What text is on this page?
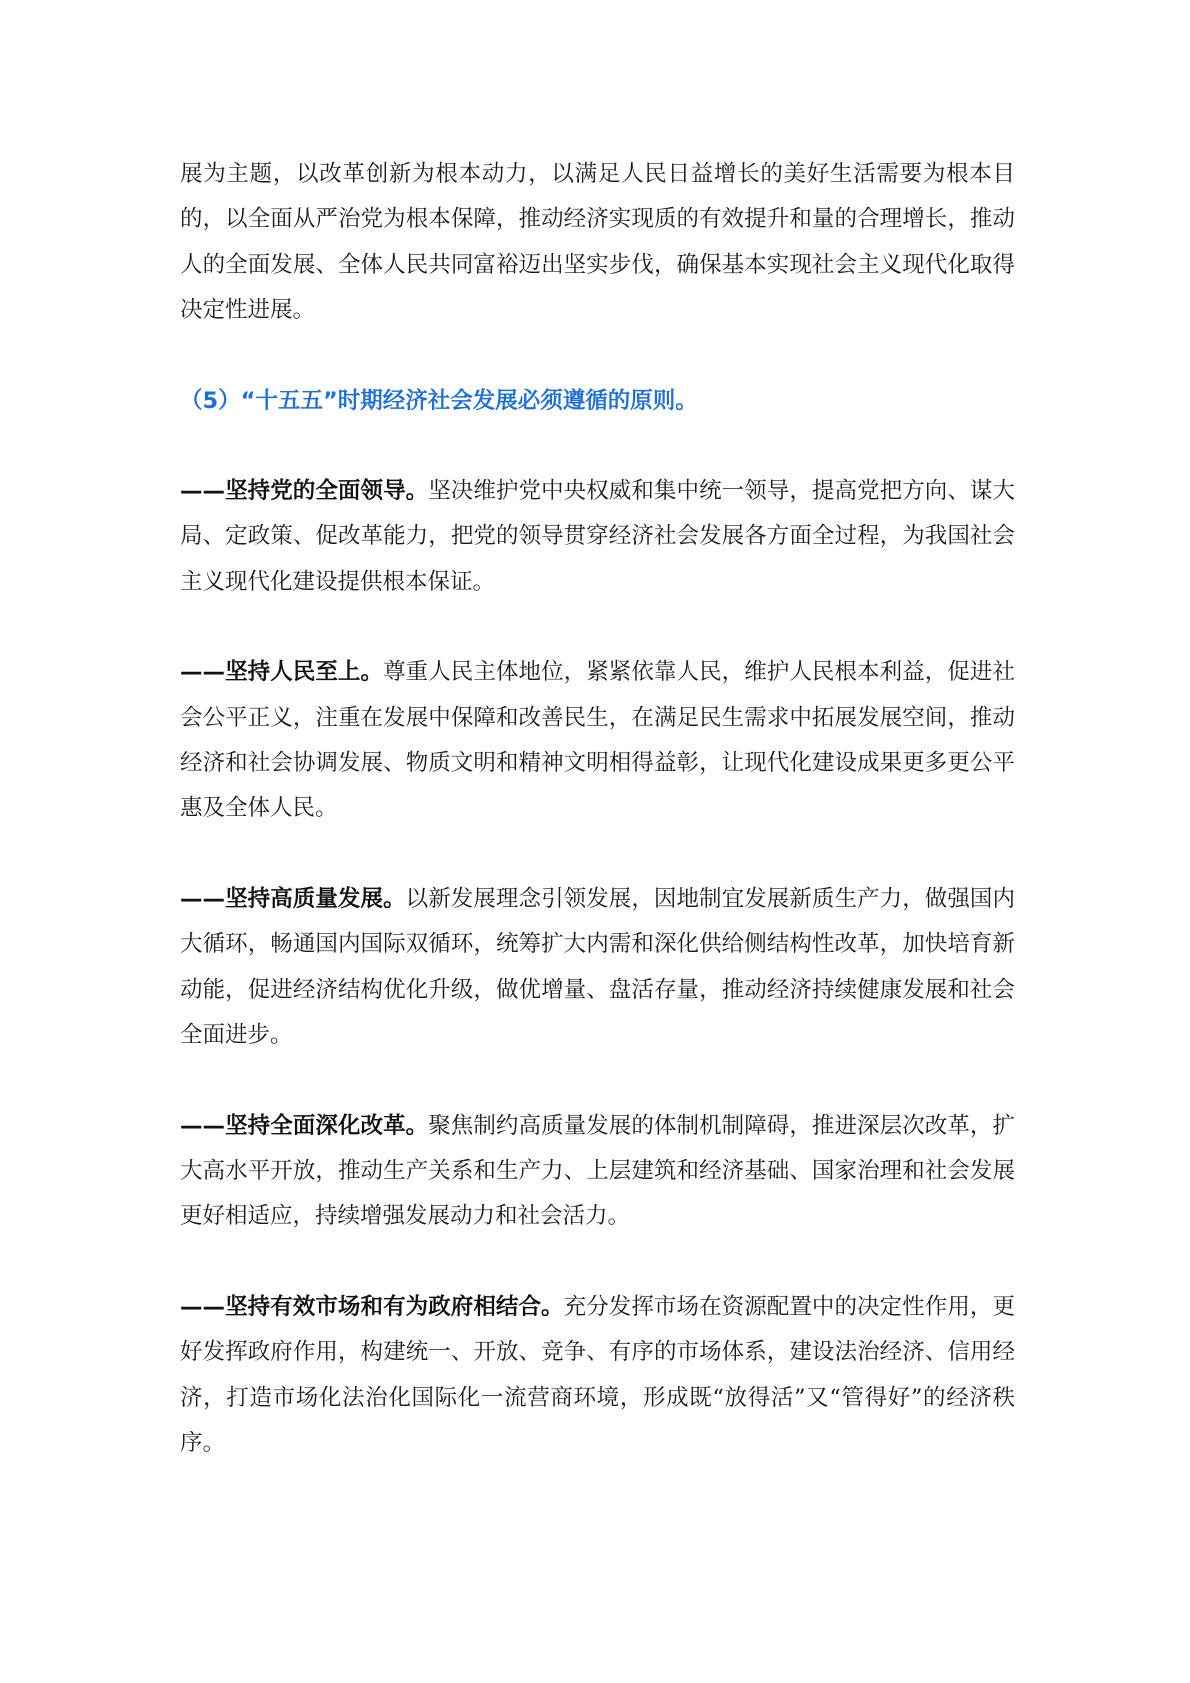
展为主题，以改革创新为根本动力，以满足人民日益增长的美好生活需要为根本目的，以全面从严治党为根本保障，推动经济实现质的有效提升和量的合理增长，推动人的全面发展、全体人民共同富裕迈出坚实步伐，确保基本实现社会主义现代化取得决定性进展。

（5）“十五五”时期经济社会发展必须遵循的原则。

——坚持党的全面领导。坚决维护党中央权威和集中统一领导，提高党把方向、谋大局、定政策、促改革能力，把党的领导贯穿经济社会发展各方面全过程，为我国社会主义现代化建设提供根本保证。

——坚持人民至上。尊重人民主体地位，紧紧依靠人民，维护人民根本利益，促进社会公平正义，注重在发展中保障和改善民生，在满足民生需求中拓展发展空间，推动经济和社会协调发展、物质文明和精神文明相得益彰，让现代化建设成果更多更公平惠及全体人民。

——坚持高质量发展。以新发展理念引领发展，因地制宜发展新质生产力，做强国内大循环，畅通国内国际双循环，统筹扩大内需和深化供给侧结构性改革，加快培育新动能，促进经济结构优化升级，做优增量、盘活存量，推动经济持续健康发展和社会全面进步。

——坚持全面深化改革。聚焦制约高质量发展的体制机制障碍，推进深层次改革，扩大高水平开放，推动生产关系和生产力、上层建筑和经济基础、国家治理和社会发展更好相适应，持续增强发展动力和社会活力。

——坚持有效市场和有为政府相结合。充分发挥市场在资源配置中的决定性作用，更好发挥政府作用，构建统一、开放、竞争、有序的市场体系，建设法治经济、信用经济，打造市场化法治化国际化一流营商环境，形成既“放得活”又“管得好”的经济秩序。
